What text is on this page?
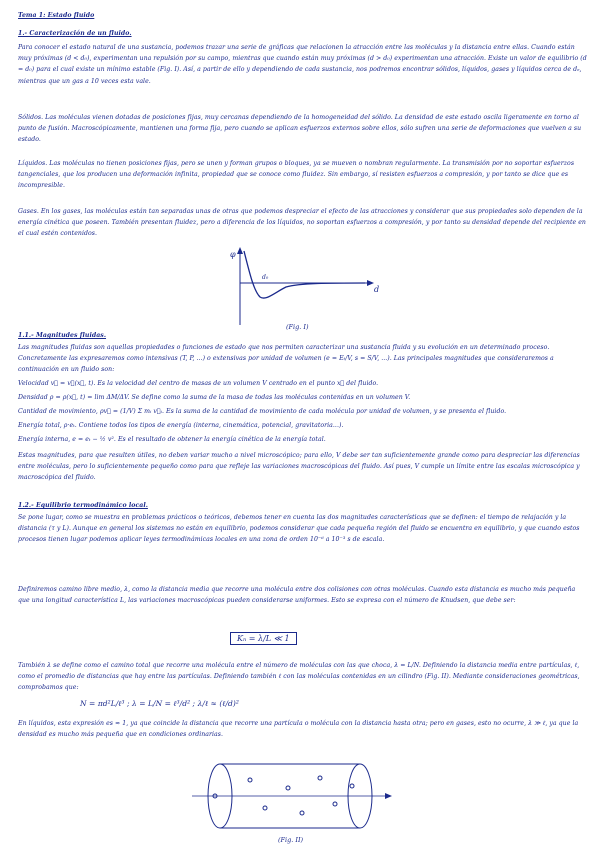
Tema 1: Estado fluido
1.- Caracterización de un fluido.
Para conocer el estado natural de una sustancia, podemos trazar una serie de gráficas que relacionen la atracción entre las moléculas y la distancia entre ellas. Cuando están muy próximas (d < d₀), experimentan una repulsión por su campo, mientras que cuando están muy próximas (d > d₀) experimentan una atracción. Existe un valor de equilibrio (d = d₀) para el cual existe un mínimo estable (Fig. I). Así, a partir de ello y dependiendo de cada sustancia, nos podremos encontrar sólidos, líquidos, gases y líquidos cerca de dₑ, mientras que un gas a 10 veces esta vale.
Sólidos. Las moléculas vienen dotadas de posiciones fijas, muy cercanas dependiendo de la homogeneidad del sólido. La densidad de este estado oscila ligeramente en torno al punto de fusión. Macroscópicamente, mantienen una forma fija, pero cuando se aplican esfuerzos externos sobre ellos, sólo sufren una serie de deformaciones que vuelven a su estado.
Líquidos. Las moléculas no tienen posiciones fijas, pero se unen y forman grupos o bloques, ya se mueven o nombran regularmente. La transmisión por no soportar esfuerzos tangenciales, que los producen una deformación infinita, propiedad que se conoce como fluidez. Sin embargo, sí resisten esfuerzos a compresión, y por tanto se dice que es incompresible.
Gases. En los gases, las moléculas están tan separadas unas de otras que podemos despreciar el efecto de las atracciones y considerar que sus propiedades solo dependen de la energía cinética que poseen. También presentan fluidez, pero a diferencia de los líquidos, no soportan esfuerzos a compresión, y por tanto su densidad depende del recipiente en el cual estén contenidos.
φ
d
d₀
(Fig. I)
1.1.- Magnitudes fluidas.
Las magnitudes fluidas son aquellas propiedades o funciones de estado que nos permiten caracterizar una sustancia fluida y su evolución en un determinado proceso. Concretamente las expresaremos como intensivas (T, P, ...) o extensivas por unidad de volumen (e = Eₜ/V, s = S/V, ...). Las principales magnitudes que consideraremos a continuación en un fluido son:
Velocidad v⃗ = v⃗(x⃗, t). Es la velocidad del centro de masas de un volumen V centrado en el punto x⃗ del fluido.
Densidad ρ = ρ(x⃗, t) = lim ΔM/ΔV. Se define como la suma de la masa de todas las moléculas contenidas en un volumen V.
Cantidad de movimiento, ρv⃗ = (1/V) Σ mᵢ v⃗ᵢ. Es la suma de la cantidad de movimiento de cada molécula por unidad de volumen, y se presenta el fluido.
Energía total, ρ·eₜ. Contiene todos los tipos de energía (interna, cinemática, potencial, gravitatoria...).
Energía interna, e = eₜ − ½ v². Es el resultado de obtener la energía cinética de la energía total.
Estas magnitudes, para que resulten útiles, no deben variar mucho a nivel microscópico; para ello, V debe ser tan suficientemente grande como para despreciar las diferencias entre moléculas, pero lo suficientemente pequeño como para que refleje las variaciones macroscópicas del fluido. Así pues, V cumple un límite entre las escalas microscópica y macroscópica del fluido.
1.2.- Equilibrio termodinámico local.
Se pone lugar, como se muestra en problemas prácticos o teóricos, debemos tener en cuenta las dos magnitudes características que se definen: el tiempo de relajación y la distancia (τ y L). Aunque en general los sistemas no están en equilibrio, podemos considerar que cada pequeña región del fluido se encuentra en equilibrio, y que cuando estos procesos tienen lugar podemos aplicar leyes termodinámicas locales en una zona de orden 10⁻⁶ a 10⁻³ s de escala.
Definiremos camino libre medio, λ, como la distancia media que recorre una molécula entre dos colisiones con otras moléculas. Cuando esta distancia es mucho más pequeña que una longitud característica L, las variaciones macroscópicas pueden considerarse uniformes. Esto se expresa con el número de Knudsen, que debe ser:
Kₙ = λ/L ≪ 1
También λ se define como el camino total que recorre una molécula entre el número de moléculas con las que choca, λ = L/N. Definiendo la distancia media entre partículas, ℓ, como el promedio de distancias que hay entre las partículas. Definiendo también ℓ con las moléculas contenidas en un cilindro (Fig. II). Mediante consideraciones geométricas, comprobamos que:
N = πd²L/ℓ³ ; λ = L/N = ℓ³/d² ; λ/ℓ ≈ (ℓ/d)²
En líquidos, esta expresión es ≈ 1, ya que coincide la distancia que recorre una partícula o molécula con la distancia hasta otra; pero en gases, esto no ocurre, λ ≫ ℓ, ya que la densidad es mucho más pequeña que en condiciones ordinarias.
(Fig. II)
